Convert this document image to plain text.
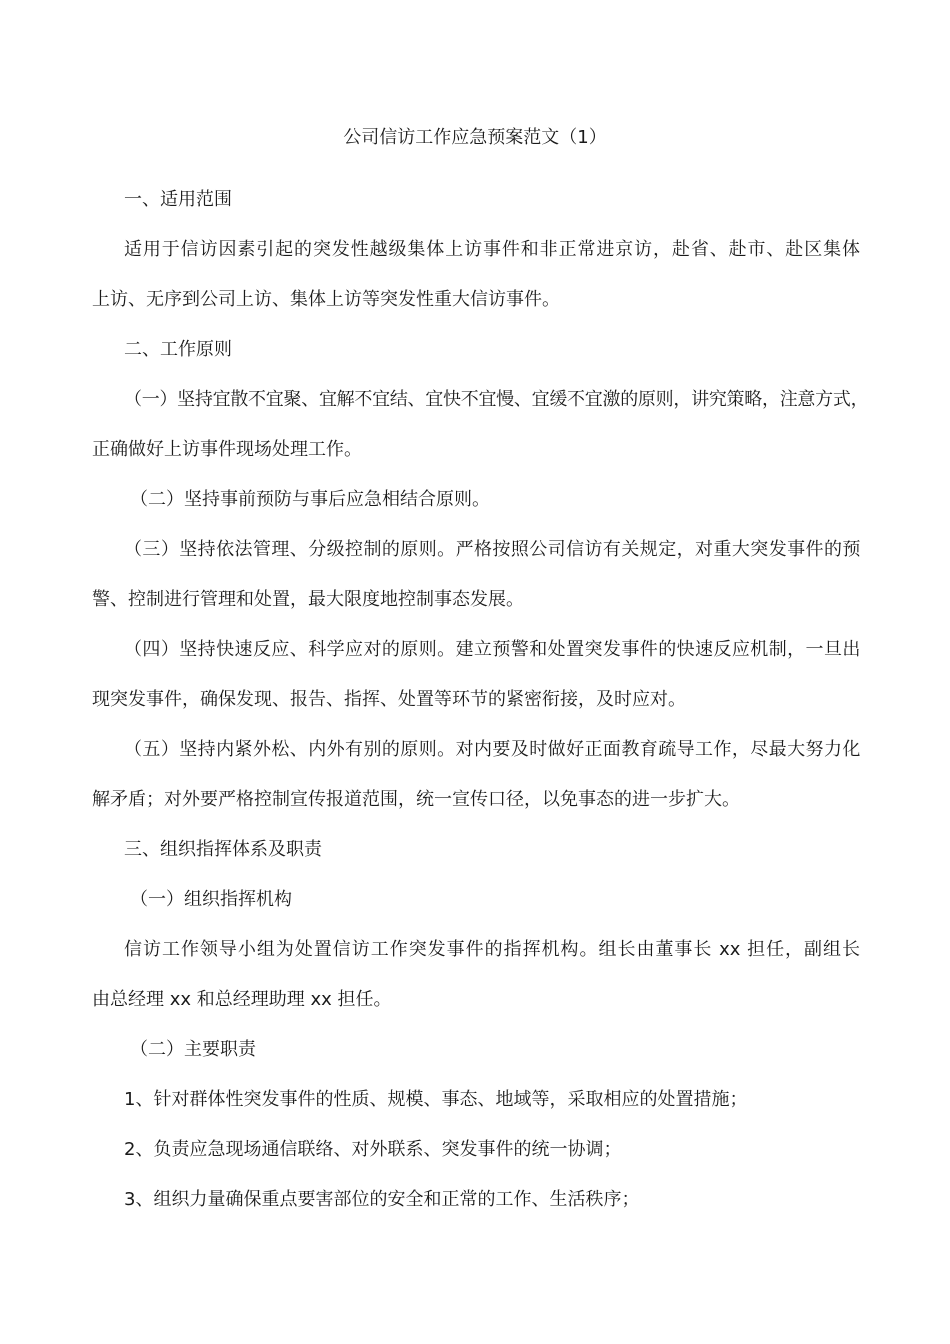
公司信访工作应急预案范文（1）
一、适用范围
适用于信访因素引起的突发性越级集体上访事件和非正常进京访，赴省、赴市、赴区集体
上访、无序到公司上访、集体上访等突发性重大信访事件。
二、工作原则
（一）坚持宜散不宜聚、宜解不宜结、宜快不宜慢、宜缓不宜激的原则，讲究策略，注意方式，
正确做好上访事件现场处理工作。
（二）坚持事前预防与事后应急相结合原则。
（三）坚持依法管理、分级控制的原则。严格按照公司信访有关规定，对重大突发事件的预
警、控制进行管理和处置，最大限度地控制事态发展。
（四）坚持快速反应、科学应对的原则。建立预警和处置突发事件的快速反应机制，一旦出
现突发事件，确保发现、报告、指挥、处置等环节的紧密衔接，及时应对。
（五）坚持内紧外松、内外有别的原则。对内要及时做好正面教育疏导工作，尽最大努力化
解矛盾；对外要严格控制宣传报道范围，统一宣传口径，以免事态的进一步扩大。
三、组织指挥体系及职责
（一）组织指挥机构
信访工作领导小组为处置信访工作突发事件的指挥机构。组长由董事长 xx 担任，副组长
由总经理 xx 和总经理助理 xx 担任。
（二）主要职责
1、针对群体性突发事件的性质、规模、事态、地域等，采取相应的处置措施；
2、负责应急现场通信联络、对外联系、突发事件的统一协调；
3、组织力量确保重点要害部位的安全和正常的工作、生活秩序；
